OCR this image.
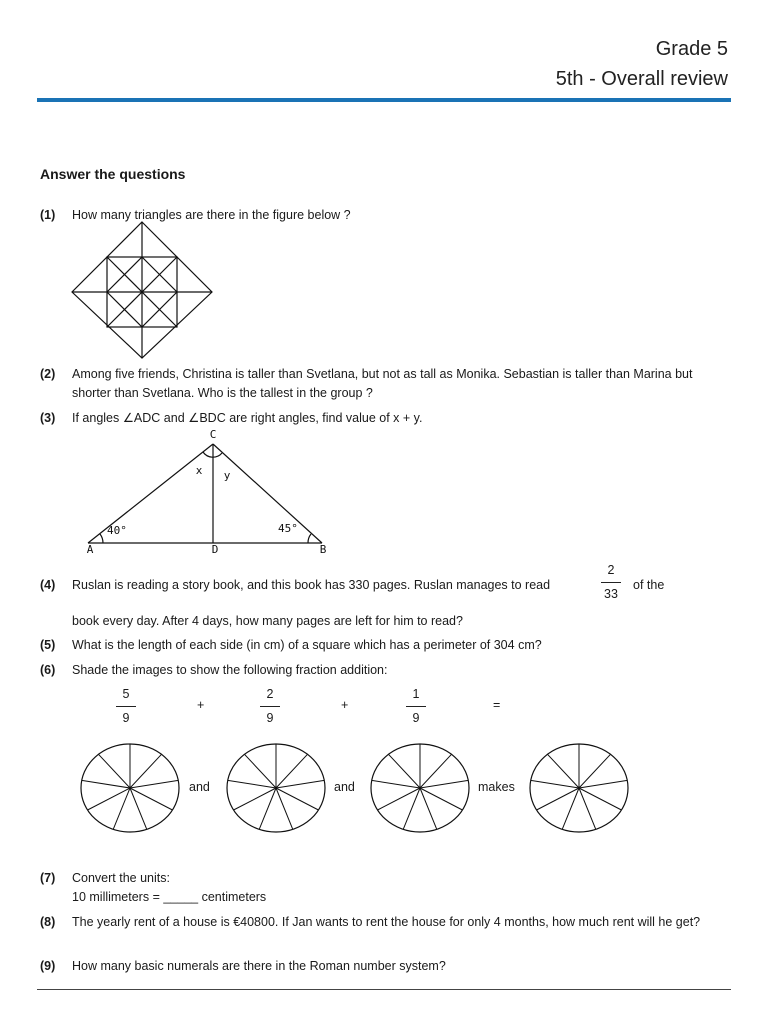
Grade 5
5th - Overall review
Answer the questions
(1) How many triangles are there in the figure below ?
(2) Among five friends, Christina is taller than Svetlana, but not as tall as Monika. Sebastian is taller than Marina but shorter than Svetlana. Who is the tallest in the group ?
(3) If angles ∠ADC and ∠BDC are right angles, find value of x + y.
C
A	D	B
x y
40°	45°
(4) Ruslan is reading a story book, and this book has 330 pages. Ruslan manages to read	of the
2
33
book every day. After 4 days, how many pages are left for him to read?
(5) What is the length of each side (in cm) of a square which has a perimeter of 304 cm?
(6) Shade the images to show the following fraction addition:
5
9
+
2
9
+
1
9
=
and	and	makes
(7) Convert the units:
10 millimeters = _____ centimeters
(8) The yearly rent of a house is €40800. If Jan wants to rent the house for only 4 months, how much rent will he get?
(9) How many basic numerals are there in the Roman number system?
